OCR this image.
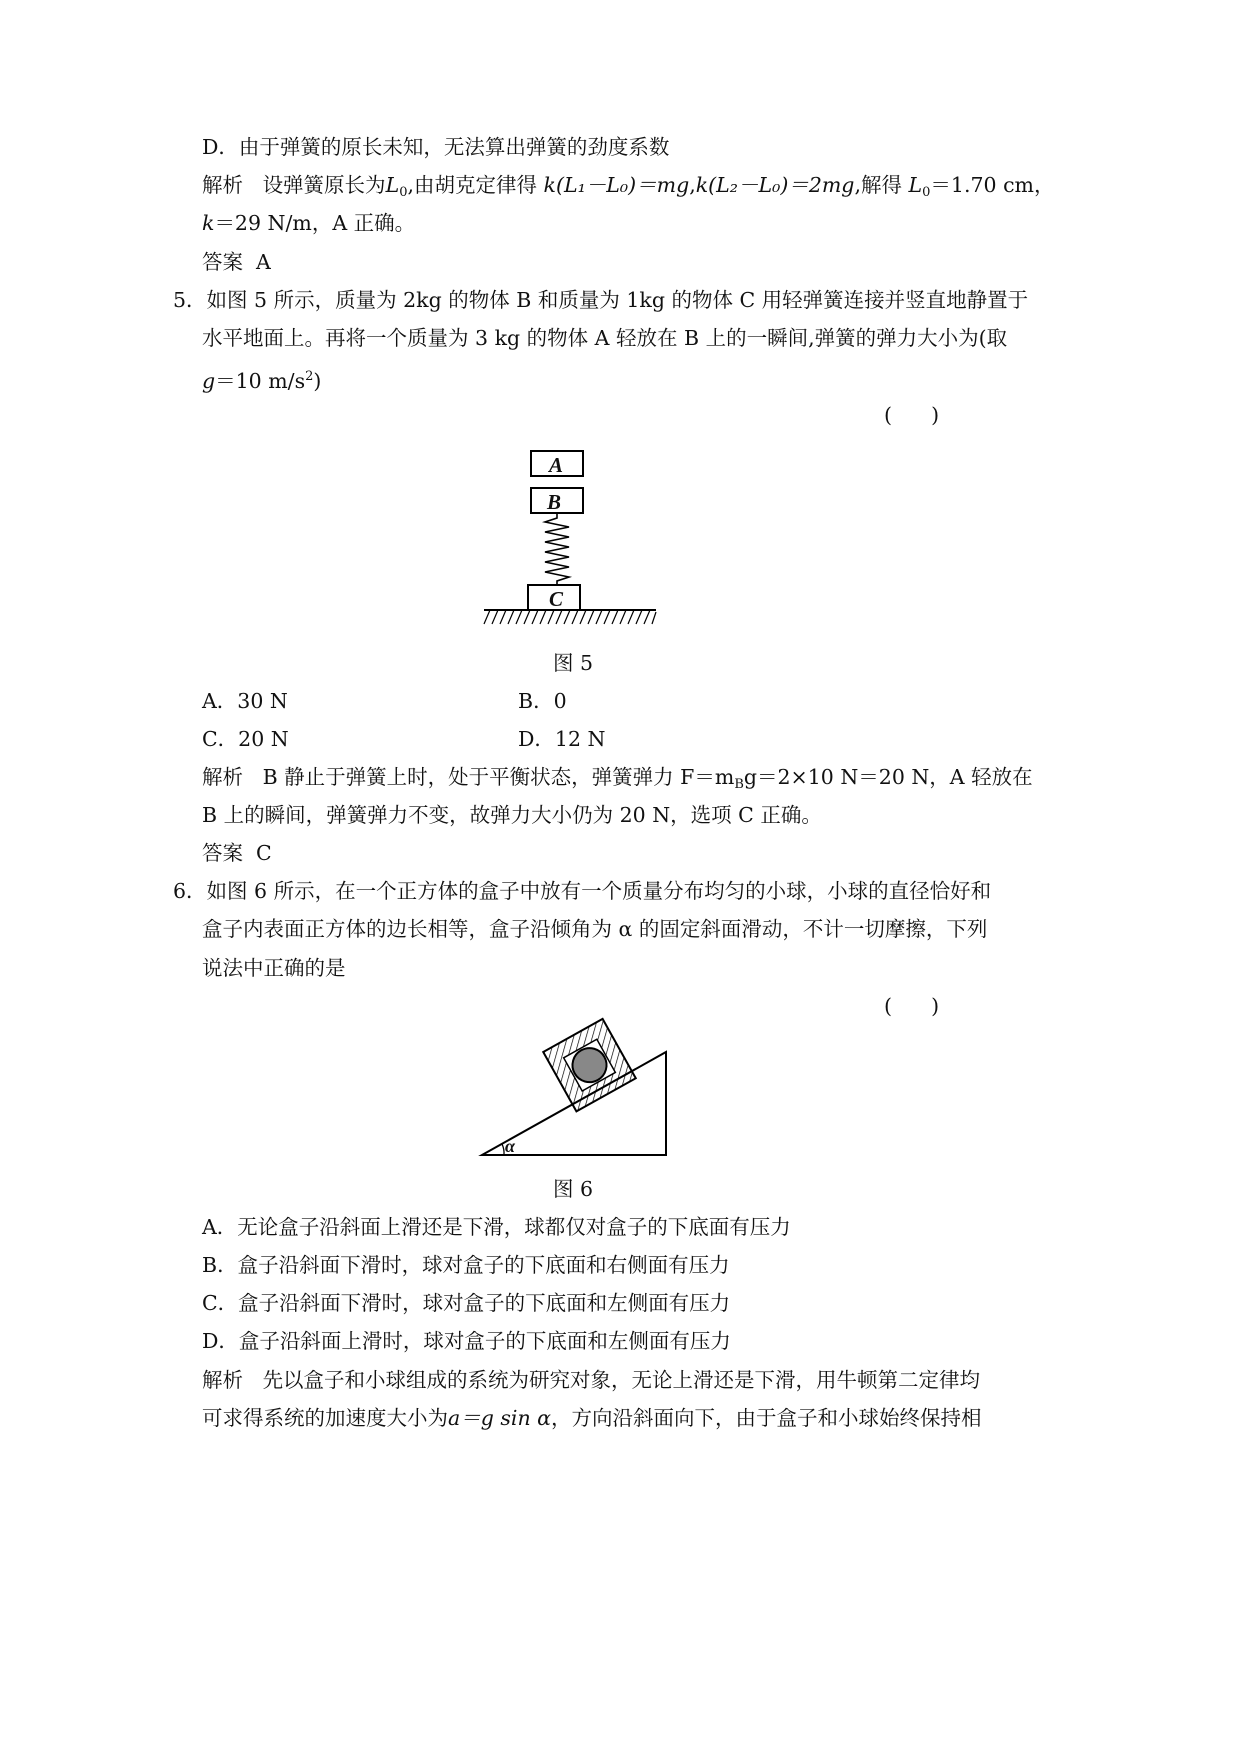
D．由于弹簧的原长未知，无法算出弹簧的劲度系数
解析 设弹簧原长为$L_0$,由胡克定律得 k(L₁－L₀)＝mg,k(L₂－L₀)＝2mg,解得 $L_0=1.70$ cm，
k＝29 N/m，A 正确。
答案 A
5．如图 5 所示，质量为 2kg 的物体 B 和质量为 1kg 的物体 C 用轻弹簧连接并竖直地静置于
水平地面上。再将一个质量为 3 kg 的物体 A 轻放在 B 上的一瞬间,弹簧的弹力大小为(取
g＝10 $m/s^2$)
(      )
A
B
C
图 5
A．30 N	B．0
C．20 N	D．12 N
解析 B 静止于弹簧上时，处于平衡状态，弹簧弹力 $F=m_Bg=2\times 10$ N＝20 N，A 轻放在
B 上的瞬间，弹簧弹力不变，故弹力大小仍为 20 N，选项 C 正确。
答案 C
6．如图 6 所示，在一个正方体的盒子中放有一个质量分布均匀的小球，小球的直径恰好和
盒子内表面正方体的边长相等，盒子沿倾角为 α 的固定斜面滑动，不计一切摩擦，下列
说法中正确的是
(      )
α
图 6
A．无论盒子沿斜面上滑还是下滑，球都仅对盒子的下底面有压力
B．盒子沿斜面下滑时，球对盒子的下底面和右侧面有压力
C．盒子沿斜面下滑时，球对盒子的下底面和左侧面有压力
D．盒子沿斜面上滑时，球对盒子的下底面和左侧面有压力
解析 先以盒子和小球组成的系统为研究对象，无论上滑还是下滑，用牛顿第二定律均
可求得系统的加速度大小为a＝g sin α，方向沿斜面向下，由于盒子和小球始终保持相
